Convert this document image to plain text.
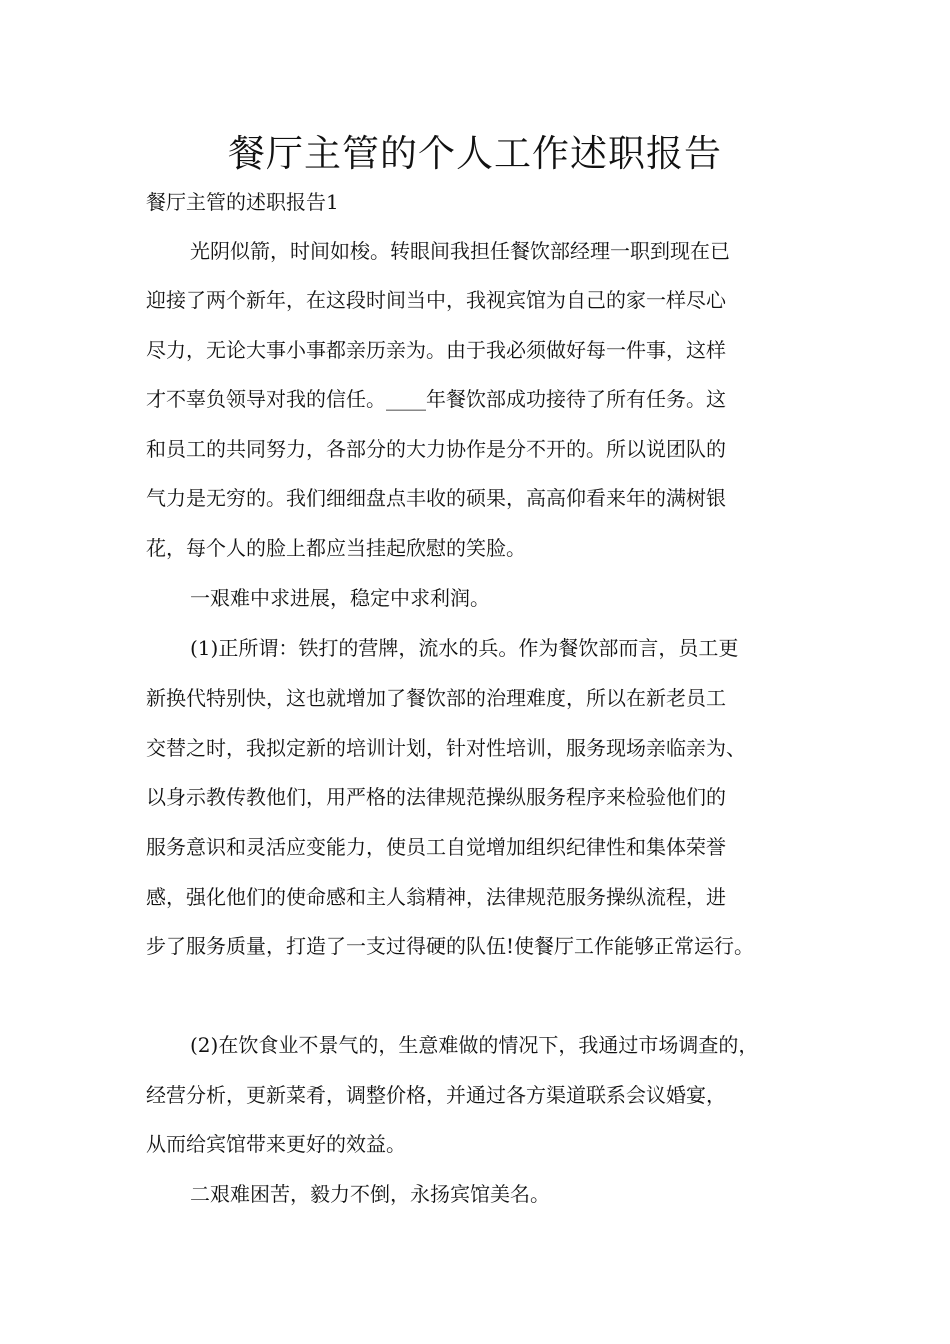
餐厅主管的个人工作述职报告
餐厅主管的述职报告1
光阴似箭，时间如梭。转眼间我担任餐饮部经理一职到现在已
迎接了两个新年，在这段时间当中，我视宾馆为自己的家一样尽心
尽力，无论大事小事都亲历亲为。由于我必须做好每一件事，这样
才不辜负领导对我的信任。____年餐饮部成功接待了所有任务。这
和员工的共同努力，各部分的大力协作是分不开的。所以说团队的
气力是无穷的。我们细细盘点丰收的硕果，高高仰看来年的满树银
花，每个人的脸上都应当挂起欣慰的笑脸。
一艰难中求进展，稳定中求利润。
(1)正所谓：铁打的营牌，流水的兵。作为餐饮部而言，员工更
新换代特别快，这也就增加了餐饮部的治理难度，所以在新老员工
交替之时，我拟定新的培训计划，针对性培训，服务现场亲临亲为、
以身示教传教他们，用严格的法律规范操纵服务程序来检验他们的
服务意识和灵活应变能力，使员工自觉增加组织纪律性和集体荣誉
感，强化他们的使命感和主人翁精神，法律规范服务操纵流程，进
步了服务质量，打造了一支过得硬的队伍!使餐厅工作能够正常运行。
(2)在饮食业不景气的，生意难做的情况下，我通过市场调查的，
经营分析，更新菜肴，调整价格，并通过各方渠道联系会议婚宴，
从而给宾馆带来更好的效益。
二艰难困苦，毅力不倒，永扬宾馆美名。
